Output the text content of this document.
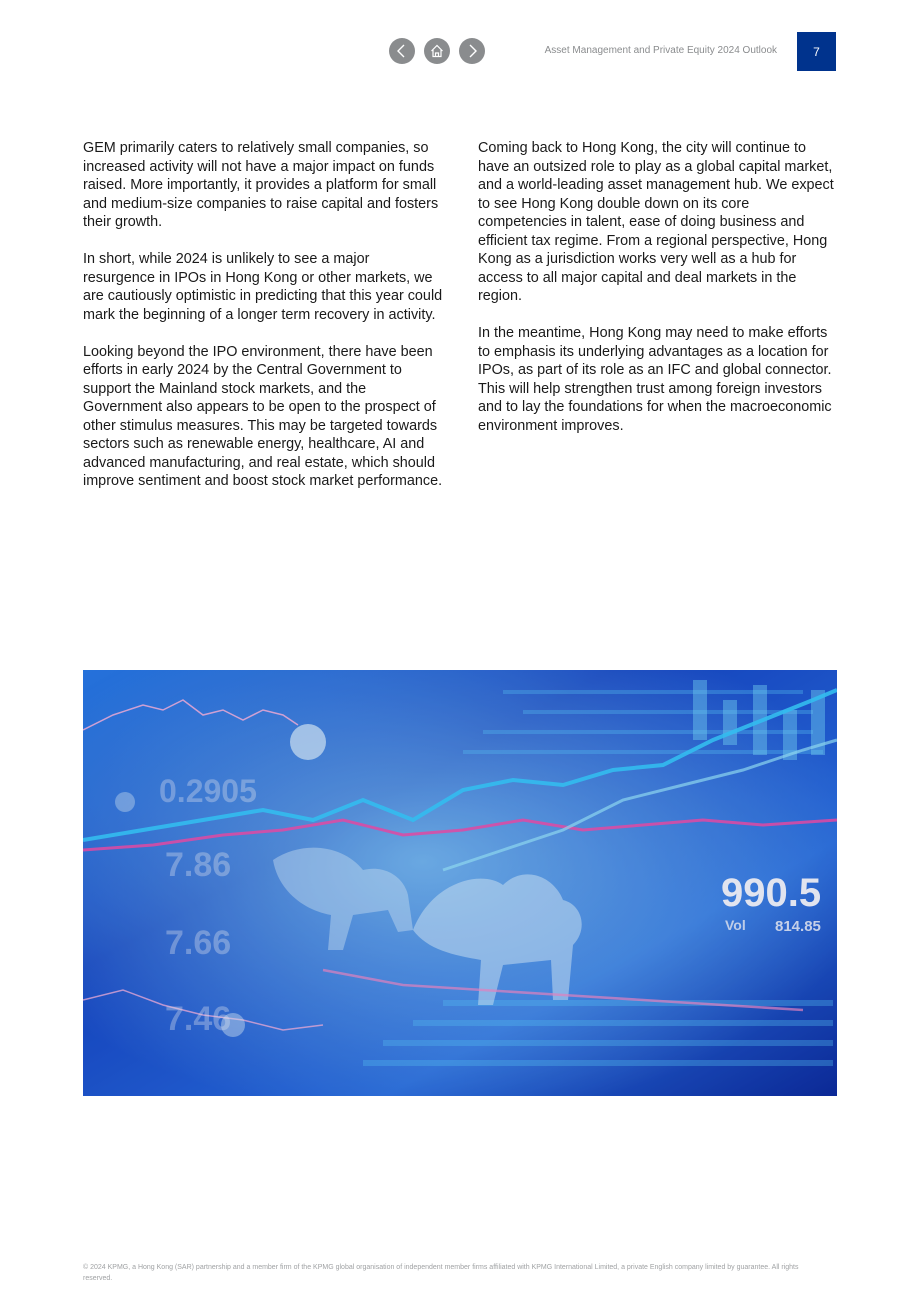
Asset Management and Private Equity 2024 Outlook	7

GEM primarily caters to relatively small companies, so increased activity will not have a major impact on funds raised. More importantly, it provides a platform for small and medium-size companies to raise capital and fosters their growth.

In short, while 2024 is unlikely to see a major resurgence in IPOs in Hong Kong or other markets, we are cautiously optimistic in predicting that this year could mark the beginning of a longer term recovery in activity.

Looking beyond the IPO environment, there have been efforts in early 2024 by the Central Government to support the Mainland stock markets, and the Government also appears to be open to the prospect of other stimulus measures. This may be targeted towards sectors such as renewable energy, healthcare, AI and advanced manufacturing, and real estate, which should improve sentiment and boost stock market performance.

Coming back to Hong Kong, the city will continue to have an outsized role to play as a global capital market, and a world-leading asset management hub. We expect to see Hong Kong double down on its core competencies in talent, ease of doing business and efficient tax regime. From a regional perspective, Hong Kong as a jurisdiction works very well as a hub for access to all major capital and deal markets in the region.

In the meantime, Hong Kong may need to make efforts to emphasis its underlying advantages as a location for IPOs, as part of its role as an IFC and global connector. This will help strengthen trust among foreign investors and to lay the foundations for when the macroeconomic environment improves.

990.5
Vol 814.85
7.86
7.66
7.46
0.2905
© 2024 KPMG, a Hong Kong (SAR) partnership and a member firm of the KPMG global organisation of independent member firms affiliated with KPMG International Limited, a private English company limited by guarantee. All rights reserved.
